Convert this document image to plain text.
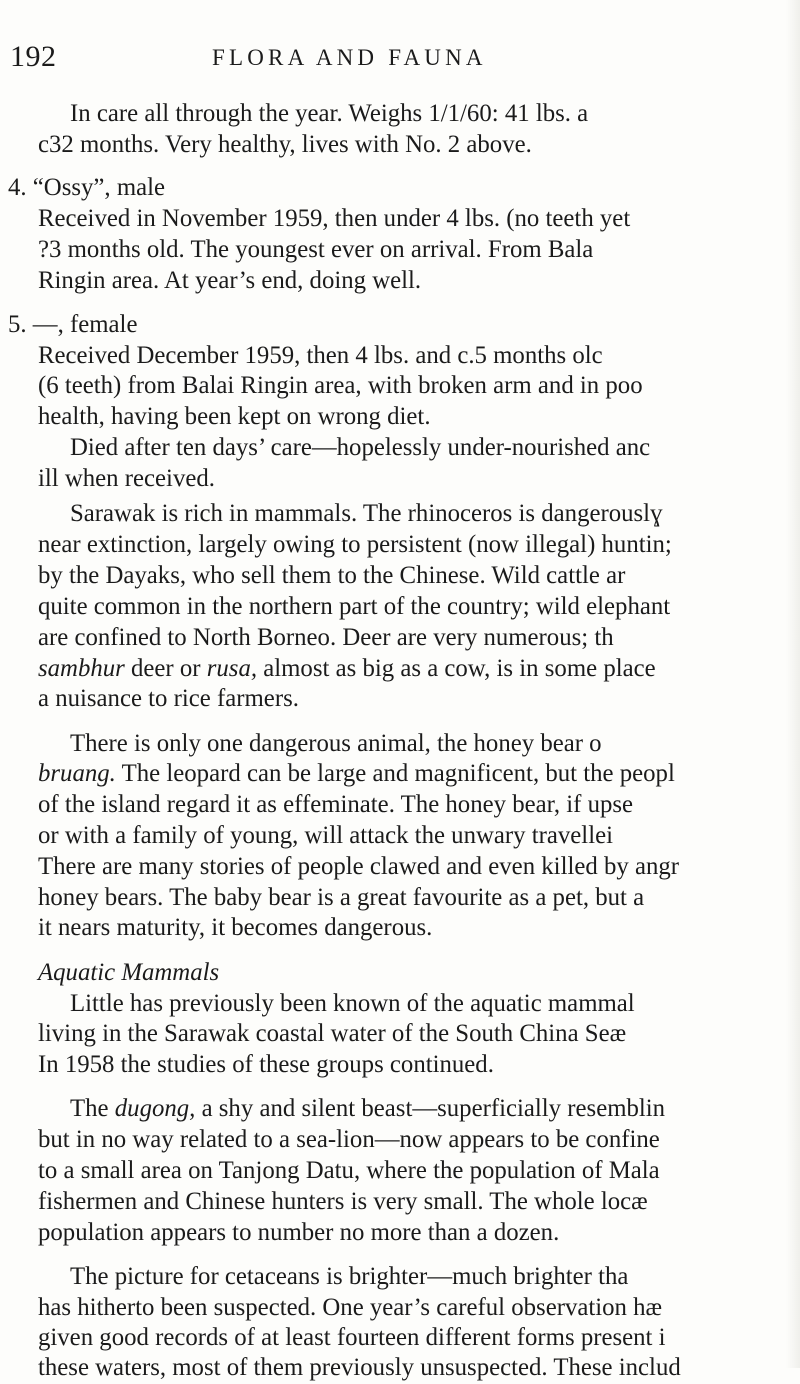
192	FLORA AND FAUNA
In care all through the year. Weighs 1/1/60: 41 lbs. a
c32 months. Very healthy, lives with No. 2 above.
4. “Ossy”, male
Received in November 1959, then under 4 lbs. (no teeth yet
?3 months old. The youngest ever on arrival. From Bala
Ringin area. At year’s end, doing well.
5. —, female
Received December 1959, then 4 lbs. and c.5 months olc
(6 teeth) from Balai Ringin area, with broken arm and in poo
health, having been kept on wrong diet.
Died after ten days’ care—hopelessly under-nourished anc
ill when received.
Sarawak is rich in mammals. The rhinoceros is dangerouslɣ
near extinction, largely owing to persistent (now illegal) huntin;
by the Dayaks, who sell them to the Chinese. Wild cattle ar
quite common in the northern part of the country; wild elephant
are confined to North Borneo. Deer are very numerous; th
sambhur deer or rusa, almost as big as a cow, is in some place
a nuisance to rice farmers.
There is only one dangerous animal, the honey bear o
bruang. The leopard can be large and magnificent, but the peopl
of the island regard it as effeminate. The honey bear, if upse
or with a family of young, will attack the unwary travellei
There are many stories of people clawed and even killed by angr
honey bears. The baby bear is a great favourite as a pet, but a
it nears maturity, it becomes dangerous.
Aquatic Mammals
Little has previously been known of the aquatic mammal
living in the Sarawak coastal water of the South China Seæ
In 1958 the studies of these groups continued.
The dugong, a shy and silent beast—superficially resemblin
but in no way related to a sea-lion—now appears to be confine
to a small area on Tanjong Datu, where the population of Mala
fishermen and Chinese hunters is very small. The whole locæ
population appears to number no more than a dozen.
The picture for cetaceans is brighter—much brighter tha
has hitherto been suspected. One year’s careful observation hæ
given good records of at least fourteen different forms present i
these waters, most of them previously unsuspected. These includ
